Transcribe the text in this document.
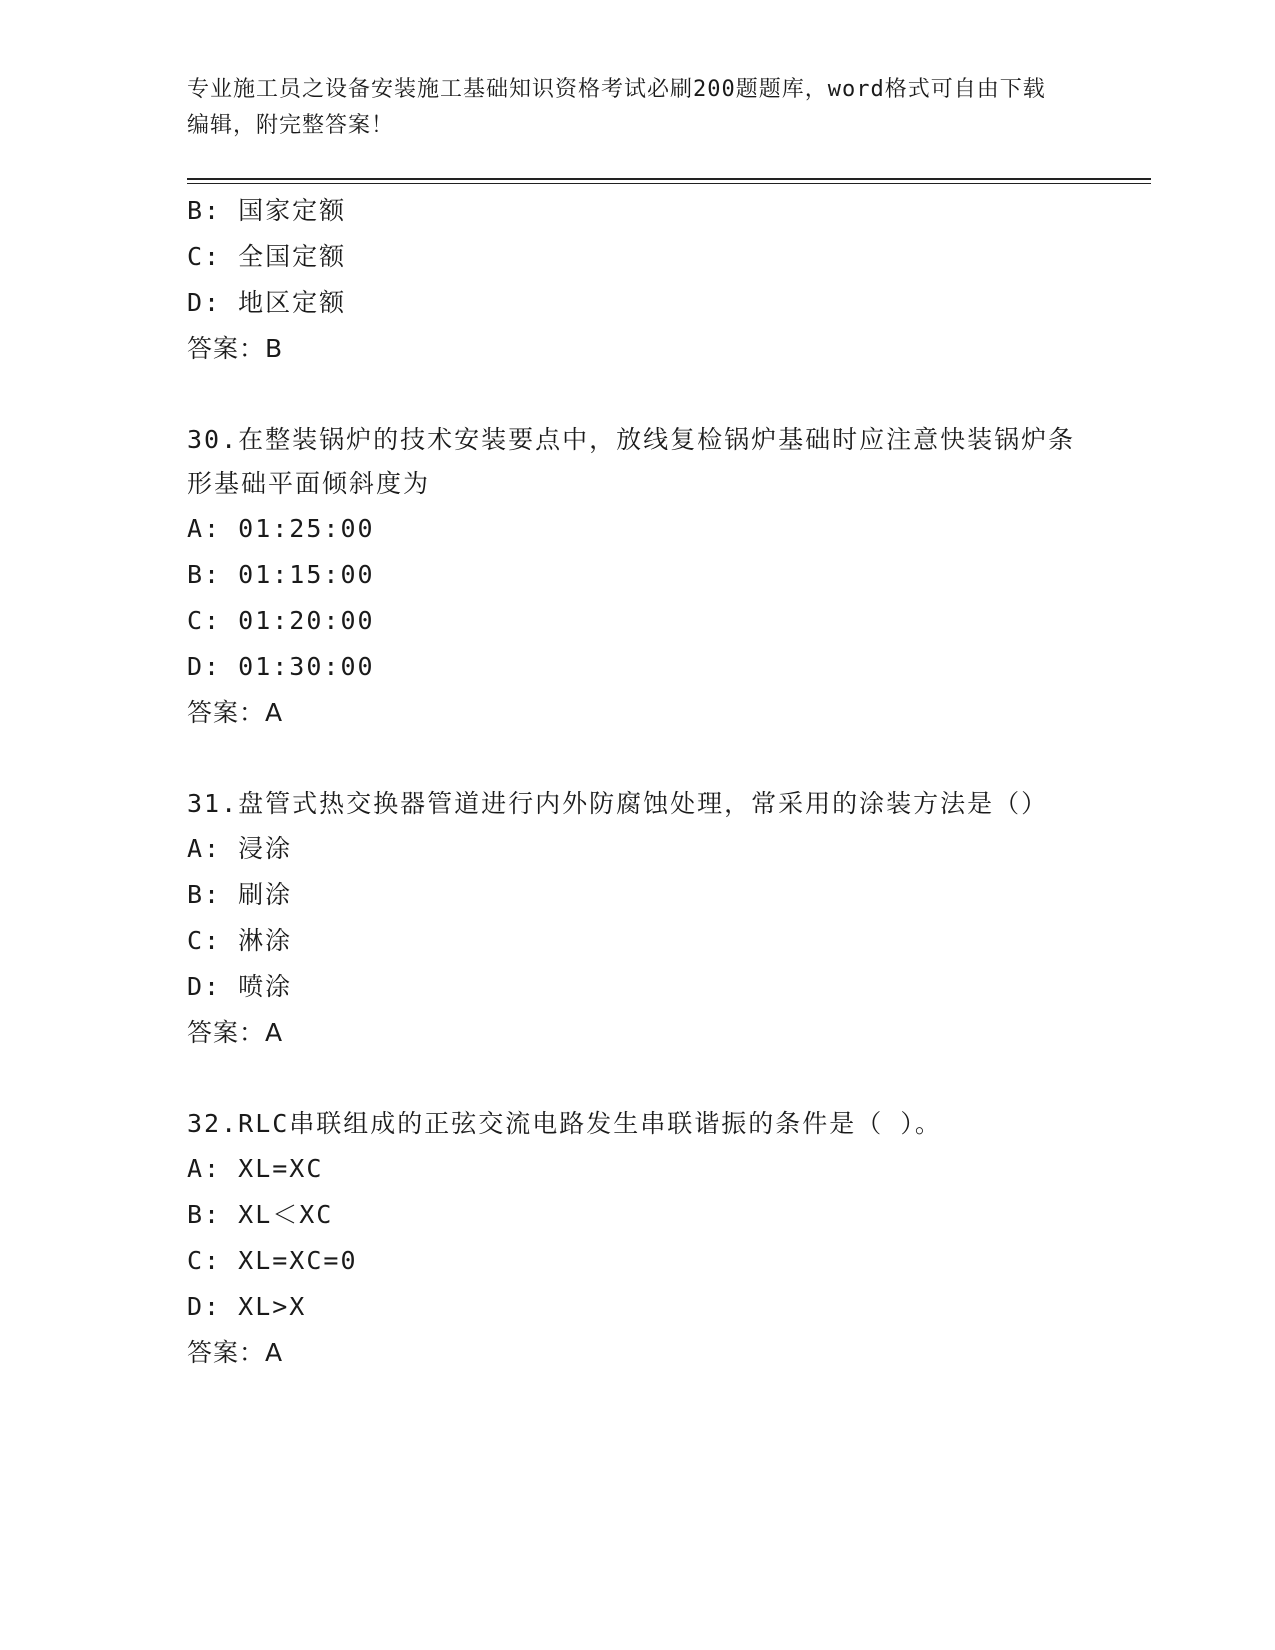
专业施工员之设备安装施工基础知识资格考试必刷200题题库，word格式可自由下载编辑，附完整答案！
B: 国家定额
C: 全国定额
D: 地区定额
答案：B
30.在整装锅炉的技术安装要点中，放线复检锅炉基础时应注意快装锅炉条形基础平面倾斜度为
A: 01:25:00
B: 01:15:00
C: 01:20:00
D: 01:30:00
答案：A
31.盘管式热交换器管道进行内外防腐蚀处理，常采用的涂装方法是（）
A: 浸涂
B: 刷涂
C: 淋涂
D: 喷涂
答案：A
32.RLC串联组成的正弦交流电路发生串联谐振的条件是（ ）。
A: XL=XC
B: XL＜XC
C: XL=XC=0
D: XL>X
答案：A
